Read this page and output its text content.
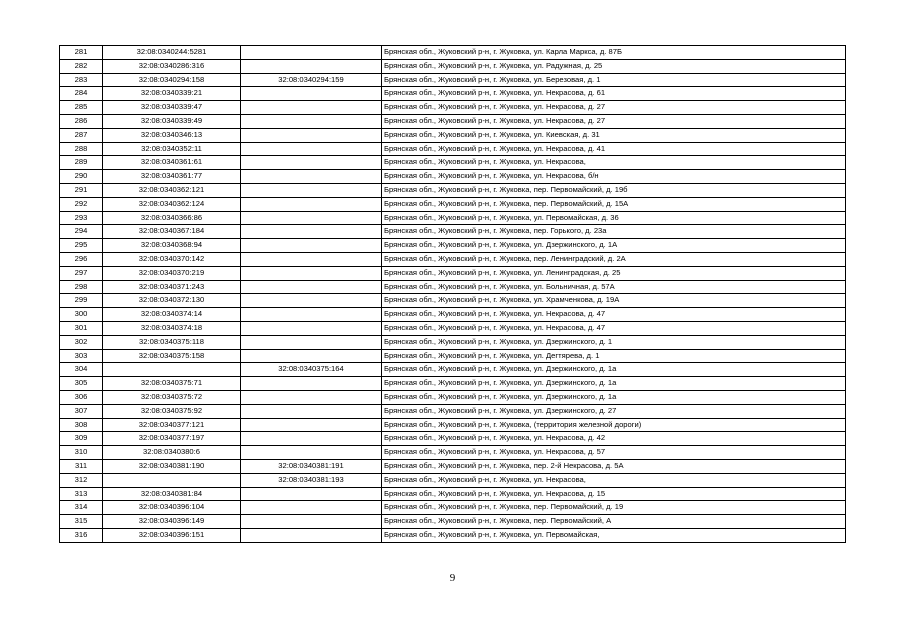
281	32:08:0340244:5281		Брянская обл., Жуковский р-н, г. Жуковка, ул. Карла Маркса, д. 87Б
282	32:08:0340286:316		Брянская обл., Жуковский р-н, г. Жуковка, ул. Радужная, д. 25
283	32:08:0340294:158	32:08:0340294:159	Брянская обл., Жуковский р-н, г. Жуковка, ул. Березовая, д. 1
284	32:08:0340339:21		Брянская обл., Жуковский р-н, г. Жуковка, ул. Некрасова, д. 61
285	32:08:0340339:47		Брянская обл., Жуковский р-н, г. Жуковка, ул. Некрасова, д. 27
286	32:08:0340339:49		Брянская обл., Жуковский р-н, г. Жуковка, ул. Некрасова, д. 27
287	32:08:0340346:13		Брянская обл., Жуковский р-н, г. Жуковка, ул. Киевская, д. 31
288	32:08:0340352:11		Брянская обл., Жуковский р-н, г. Жуковка, ул. Некрасова, д. 41
289	32:08:0340361:61		Брянская обл., Жуковский р-н, г. Жуковка, ул. Некрасова,
290	32:08:0340361:77		Брянская обл., Жуковский р-н, г. Жуковка, ул. Некрасова, б/н
291	32:08:0340362:121		Брянская обл., Жуковский р-н, г. Жуковка, пер. Первомайский, д. 19б
292	32:08:0340362:124		Брянская обл., Жуковский р-н, г. Жуковка, пер. Первомайский, д. 15А
293	32:08:0340366:86		Брянская обл., Жуковский р-н, г. Жуковка, ул. Первомайская, д. 36
294	32:08:0340367:184		Брянская обл., Жуковский р-н, г. Жуковка, пер. Горького, д. 23а
295	32:08:0340368:94		Брянская обл., Жуковский р-н, г. Жуковка, ул. Дзержинского, д. 1А
296	32:08:0340370:142		Брянская обл., Жуковский р-н, г. Жуковка, пер. Ленинградский, д. 2А
297	32:08:0340370:219		Брянская обл., Жуковский р-н, г. Жуковка, ул. Ленинградская, д. 25
298	32:08:0340371:243		Брянская обл., Жуковский р-н, г. Жуковка, ул. Больничная, д. 57А
299	32:08:0340372:130		Брянская обл., Жуковский р-н, г. Жуковка, ул. Храмченкова, д. 19А
300	32:08:0340374:14		Брянская обл., Жуковский р-н, г. Жуковка, ул. Некрасова, д. 47
301	32:08:0340374:18		Брянская обл., Жуковский р-н, г. Жуковка, ул. Некрасова, д. 47
302	32:08:0340375:118		Брянская обл., Жуковский р-н, г. Жуковка, ул. Дзержинского, д. 1
303	32:08:0340375:158		Брянская обл., Жуковский р-н, г. Жуковка, ул. Дегтярева, д. 1
304		32:08:0340375:164	Брянская обл., Жуковский р-н, г. Жуковка, ул. Дзержинского, д. 1а
305	32:08:0340375:71		Брянская обл., Жуковский р-н, г. Жуковка, ул. Дзержинского, д. 1а
306	32:08:0340375:72		Брянская обл., Жуковский р-н, г. Жуковка, ул. Дзержинского, д. 1а
307	32:08:0340375:92		Брянская обл., Жуковский р-н, г. Жуковка, ул. Дзержинского, д. 27
308	32:08:0340377:121		Брянская обл., Жуковский р-н, г. Жуковка, (территория железной дороги)
309	32:08:0340377:197		Брянская обл., Жуковский р-н, г. Жуковка, ул. Некрасова, д. 42
310	32:08:0340380:6		Брянская обл., Жуковский р-н, г. Жуковка, ул. Некрасова, д. 57
311	32:08:0340381:190	32:08:0340381:191	Брянская обл., Жуковский р-н, г. Жуковка, пер. 2-й Некрасова, д. 5А
312		32:08:0340381:193	Брянская обл., Жуковский р-н, г. Жуковка, ул. Некрасова,
313	32:08:0340381:84		Брянская обл., Жуковский р-н, г. Жуковка, ул. Некрасова, д. 15
314	32:08:0340396:104		Брянская обл., Жуковский р-н, г. Жуковка, пер. Первомайский, д. 19
315	32:08:0340396:149		Брянская обл., Жуковский р-н, г. Жуковка, пер. Первомайский, А
316	32:08:0340396:151		Брянская обл., Жуковский р-н, г. Жуковка, ул. Первомайская,
9
